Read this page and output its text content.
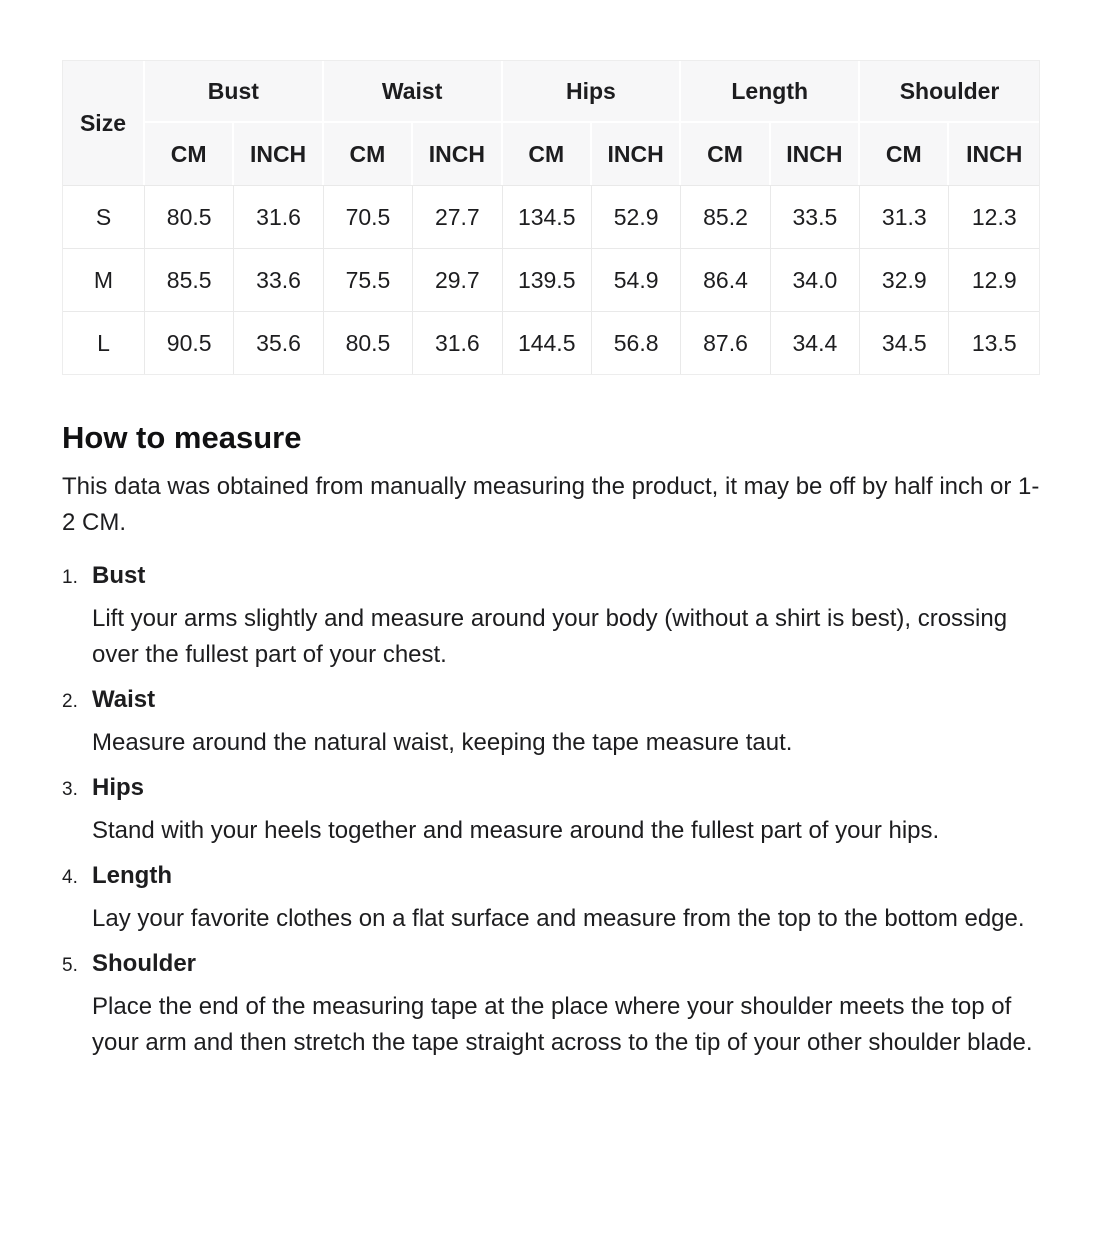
Size	Bust		Waist		Hips		Length		Shoulder	
	CM	INCH	CM	INCH	CM	INCH	CM	INCH	CM	INCH
S	80.5	31.6	70.5	27.7	134.5	52.9	85.2	33.5	31.3	12.3
M	85.5	33.6	75.5	29.7	139.5	54.9	86.4	34.0	32.9	12.9
L	90.5	35.6	80.5	31.6	144.5	56.8	87.6	34.4	34.5	13.5
How to measure

This data was obtained from manually measuring the product, it may be off by half inch or 1-2 CM.

1. Bust

Lift your arms slightly and measure around your body (without a shirt is best), crossing over the fullest part of your chest.

2. Waist

Measure around the natural waist, keeping the tape measure taut.

3. Hips

Stand with your heels together and measure around the fullest part of your hips.

4. Length

Lay your favorite clothes on a flat surface and measure from the top to the bottom edge.

5. Shoulder

Place the end of the measuring tape at the place where your shoulder meets the top of your arm and then stretch the tape straight across to the tip of your other shoulder blade.
